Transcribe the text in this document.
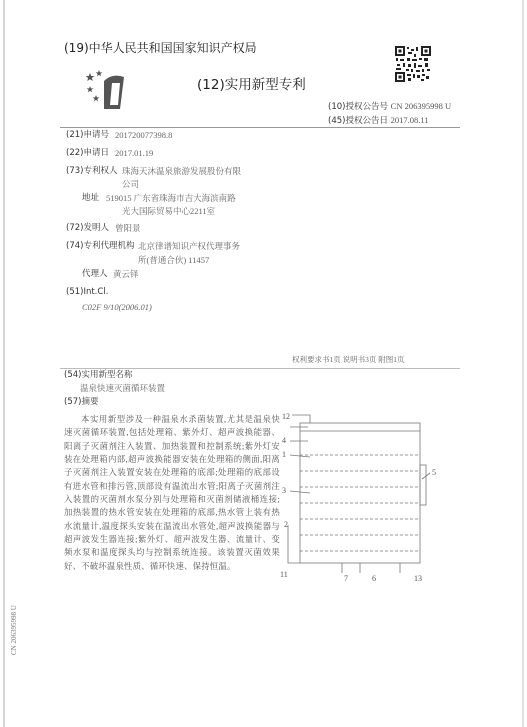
(19)中华人民共和国国家知识产权局
(12)实用新型专利
(10)授权公告号 CN 206395998 U
(45)授权公告日 2017.08.11
(21)申请号 201720077398.8
(22)申请日 2017.01.19
(73)专利权人 珠海天沐温泉旅游发展股份有限
公司
地址 519015 广东省珠海市吉大海滨南路
光大国际贸易中心2211室
(72)发明人 曾阳景
(74)专利代理机构 北京律谱知识产权代理事务
所(普通合伙) 11457
代理人 黄云铎
(51)Int.Cl.
C02F 9/10(2006.01)
权利要求书1页 说明书3页 附图1页
(54)实用新型名称
温泉快速灭菌循环装置
(57)摘要
本实用新型涉及一种温泉水杀菌装置,尤其是温泉快速灭菌循环装置,包括处理箱、紫外灯、超声波换能器、阳离子灭菌剂注入装置、加热装置和控制系统;紫外灯安装在处理箱内部,超声波换能器安装在处理箱的侧面,阳离子灭菌剂注入装置安装在处理箱的底部;处理箱的底部设有进水管和排污管,顶部设有温流出水管;阳离子灭菌剂注入装置的灭菌剂水泵分别与处理箱和灭菌剂储液桶连接;加热装置的热水管安装在处理箱的底部,热水管上装有热水流量计,温度探头安装在温流出水管处,超声波换能器与超声波发生器连接;紫外灯、超声波发生器、流量计、变频水泵和温度探头均与控制系统连接。该装置灭菌效果好、不破坏温泉性质、循环快速、保持恒温。
12
4
1
5
3
2
11	7	6	13
CN 206395998 U
